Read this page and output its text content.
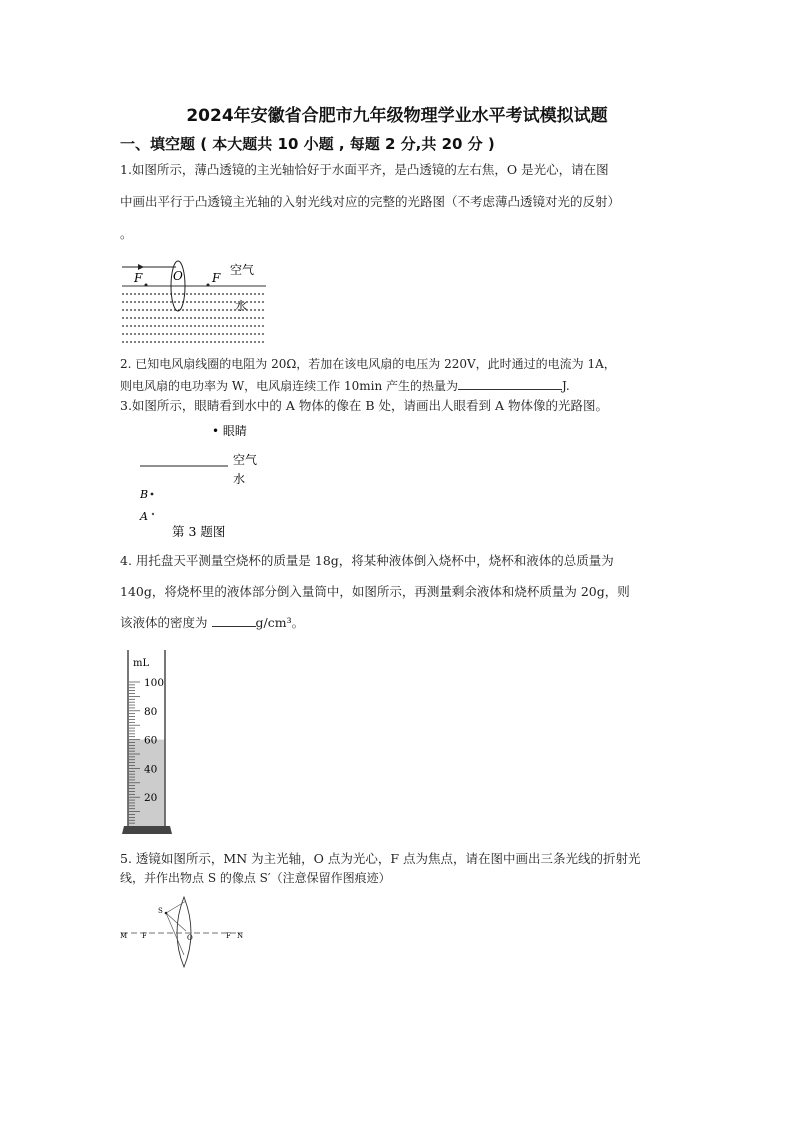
2024年安徽省合肥市九年级物理学业水平考试模拟试题
一、填空题 ( 本大题共 10 小题 , 每题 2 分,共 20 分 )
1.如图所示，薄凸透镜的主光轴恰好于水面平齐，是凸透镜的左右焦，O 是光心，请在图
中画出平行于凸透镜主光轴的入射光线对应的完整的光路图（不考虑薄凸透镜对光的反射）
。
F	O F
空气
水
2. 已知电风扇线圈的电阻为 20Ω，若加在该电风扇的电压为 220V，此时通过的电流为 1A，
则电风扇的电功率为 W，电风扇连续工作 10min 产生的热量为	J.
3.如图所示，眼睛看到水中的 A 物体的像在 B 处，请画出人眼看到 A 物体像的光路图。
• 眼睛
空气
水
B
A
第 3 题图
4. 用托盘天平测量空烧杯的质量是 18g，将某种液体倒入烧杯中，烧杯和液体的总质量为
140g，将烧杯里的液体部分倒入量筒中，如图所示，再测量剩余液体和烧杯质量为 20g，则
该液体的密度为	g/cm³。
mL
100
80
60
40
20
5. 透镜如图所示，MN 为主光轴，O 点为光心，F 点为焦点，请在图中画出三条光线的折射光
线，并作出物点 S 的像点 S′（注意保留作图痕迹）
M F
S
O	F N
